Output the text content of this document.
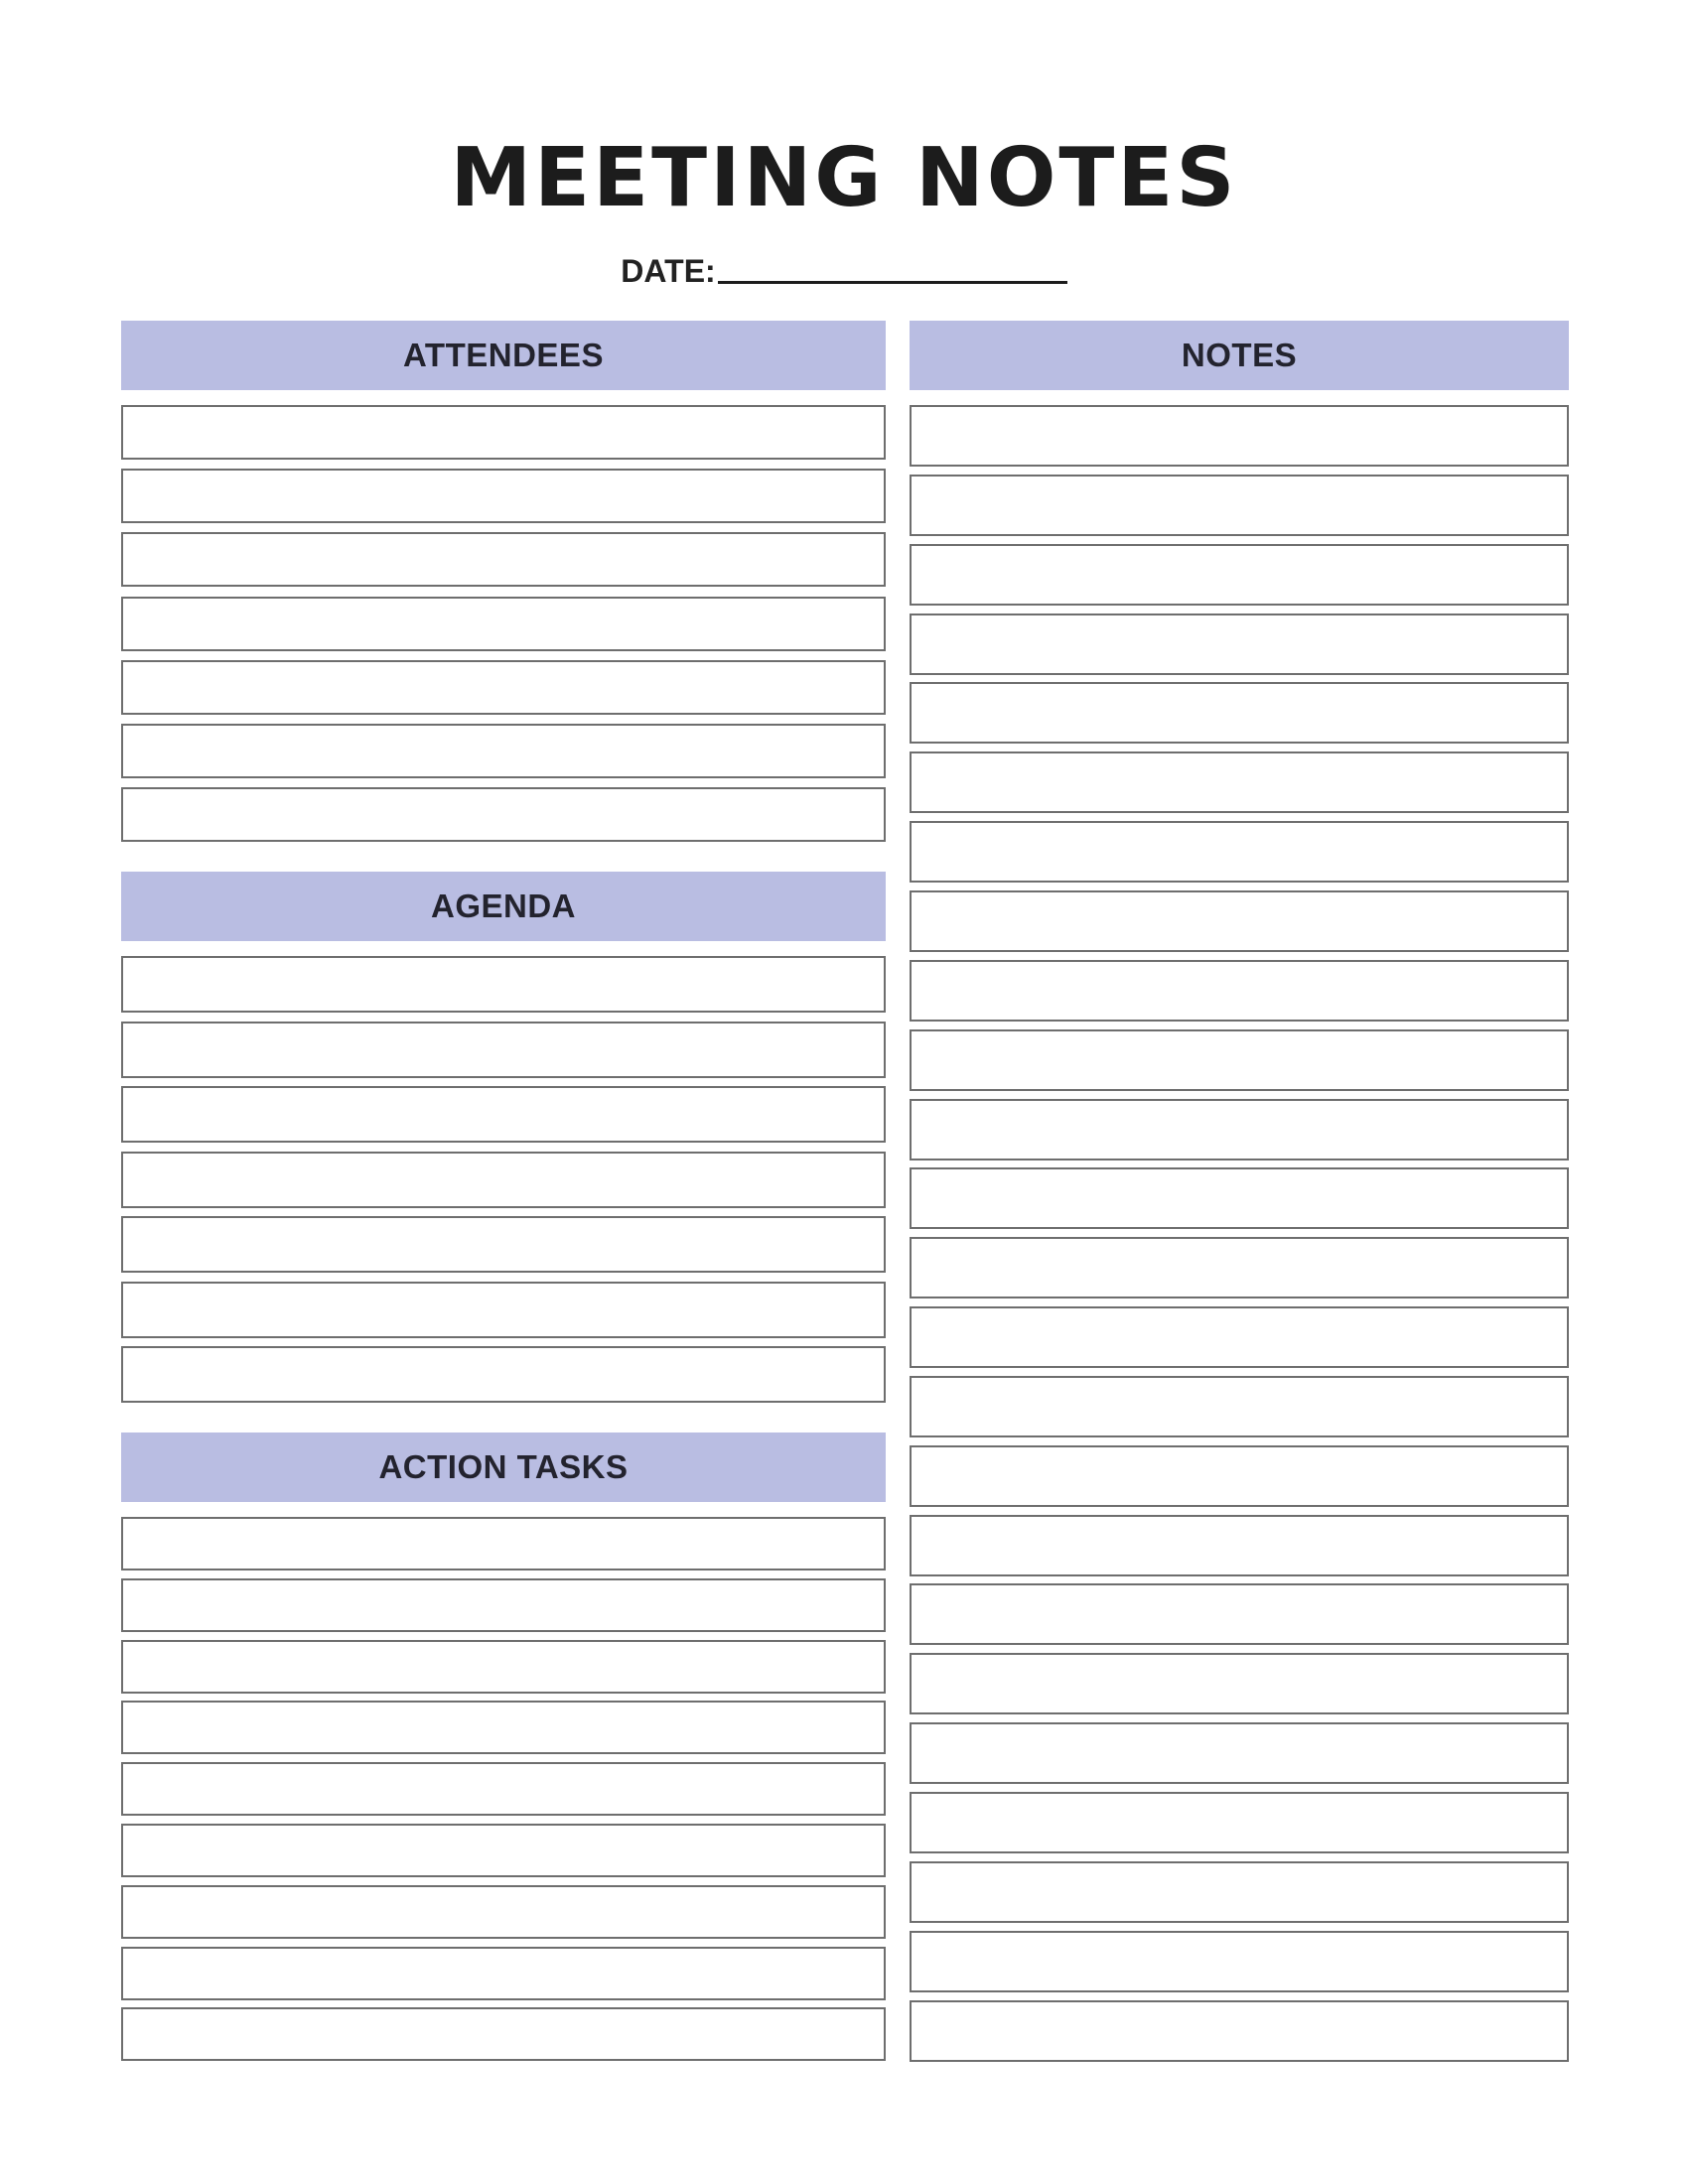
MEETING NOTES
DATE:
ATTENDEES
AGENDA
ACTION TASKS
NOTES
